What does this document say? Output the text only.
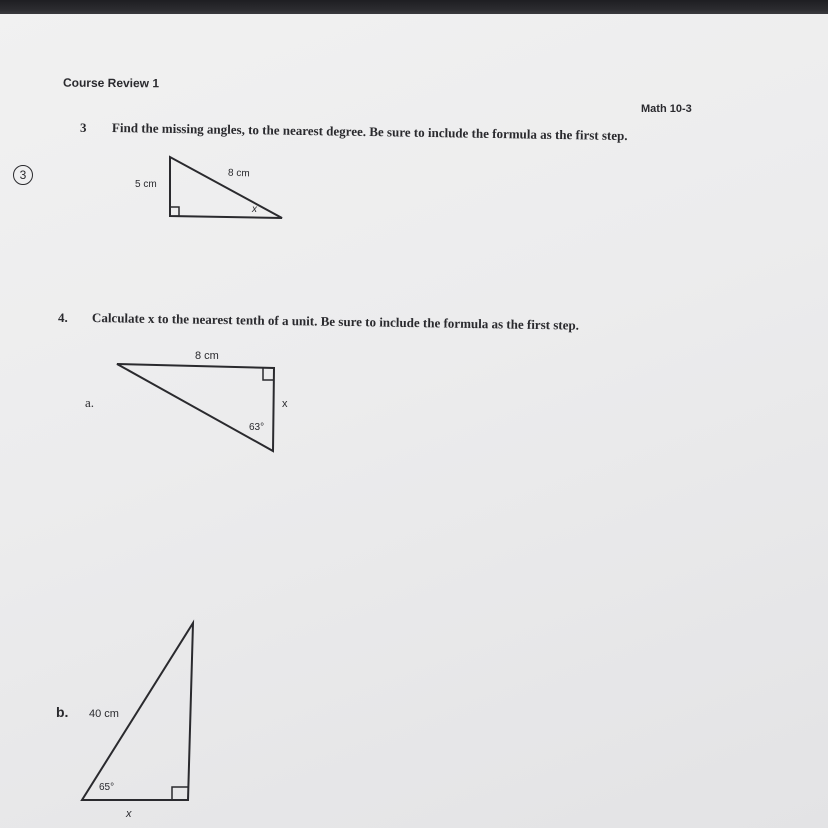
Course Review 1
Math 10-3
3
3 Find the missing angles, to the nearest degree. Be sure to include the formula as the first step.
8 cm
5 cm
x
4. Calculate x to the nearest tenth of a unit. Be sure to include the formula as the first step.
a.
8 cm
x
63°
b. 40 cm
65°
x
